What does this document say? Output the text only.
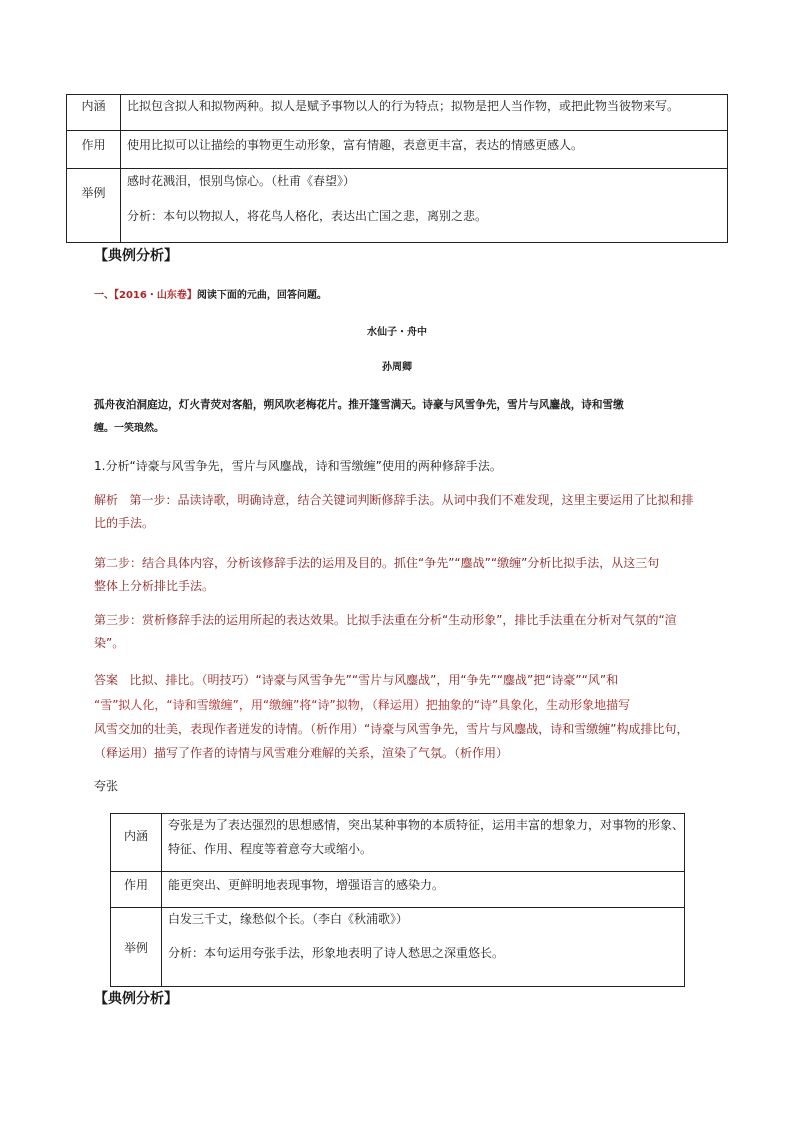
内涵	比拟包含拟人和拟物两种。拟人是赋予事物以人的行为特点；拟物是把人当作物，或把此物当彼物来写。

作用	使用比拟可以让描绘的事物更生动形象，富有情趣，表意更丰富，表达的情感更感人。

举例	感时花溅泪，恨别鸟惊心。（杜甫《春望》）
分析：本句以物拟人，将花鸟人格化，表达出亡国之悲，离别之悲。
【典例分析】
一、【2016・山东卷】阅读下面的元曲，回答问题。
水仙子・舟中
孙周卿
孤舟夜泊洞庭边，灯火青荧对客船，朔风吹老梅花片。推开篷雪满天。诗豪与风雪争先，雪片与风鏖战，诗和雪缴
缠。一笑琅然。
1.分析“诗豪与风雪争先，雪片与风鏖战，诗和雪缴缠”使用的两种修辞手法。
解析 第一步：品读诗歌，明确诗意，结合关键词判断修辞手法。从词中我们不难发现，这里主要运用了比拟和排
比的手法。
第二步：结合具体内容，分析该修辞手法的运用及目的。抓住“争先”“鏖战”“缴缠”分析比拟手法，从这三句
整体上分析排比手法。
第三步：赏析修辞手法的运用所起的表达效果。比拟手法重在分析“生动形象”，排比手法重在分析对气氛的“渲
染”。
答案 比拟、排比。（明技巧）“诗豪与风雪争先”“雪片与风鏖战”，用“争先”“鏖战”把“诗豪”“风”和
“雪”拟人化，“诗和雪缴缠”，用“缴缠”将“诗”拟物，（释运用）把抽象的“诗”具象化，生动形象地描写
风雪交加的壮美，表现作者迸发的诗情。（析作用）“诗豪与风雪争先，雪片与风鏖战，诗和雪缴缠”构成排比句，
（释运用）描写了作者的诗情与风雪难分难解的关系，渲染了气氛。（析作用）
夸张
内涵	夸张是为了表达强烈的思想感情，突出某种事物的本质特征，运用丰富的想象力，对事物的形象、
特征、作用、程度等着意夸大或缩小。

作用	能更突出、更鲜明地表现事物，增强语言的感染力。

举例	白发三千丈，缘愁似个长。（李白《秋浦歌》）
分析：本句运用夸张手法，形象地表明了诗人愁思之深重悠长。
【典例分析】
